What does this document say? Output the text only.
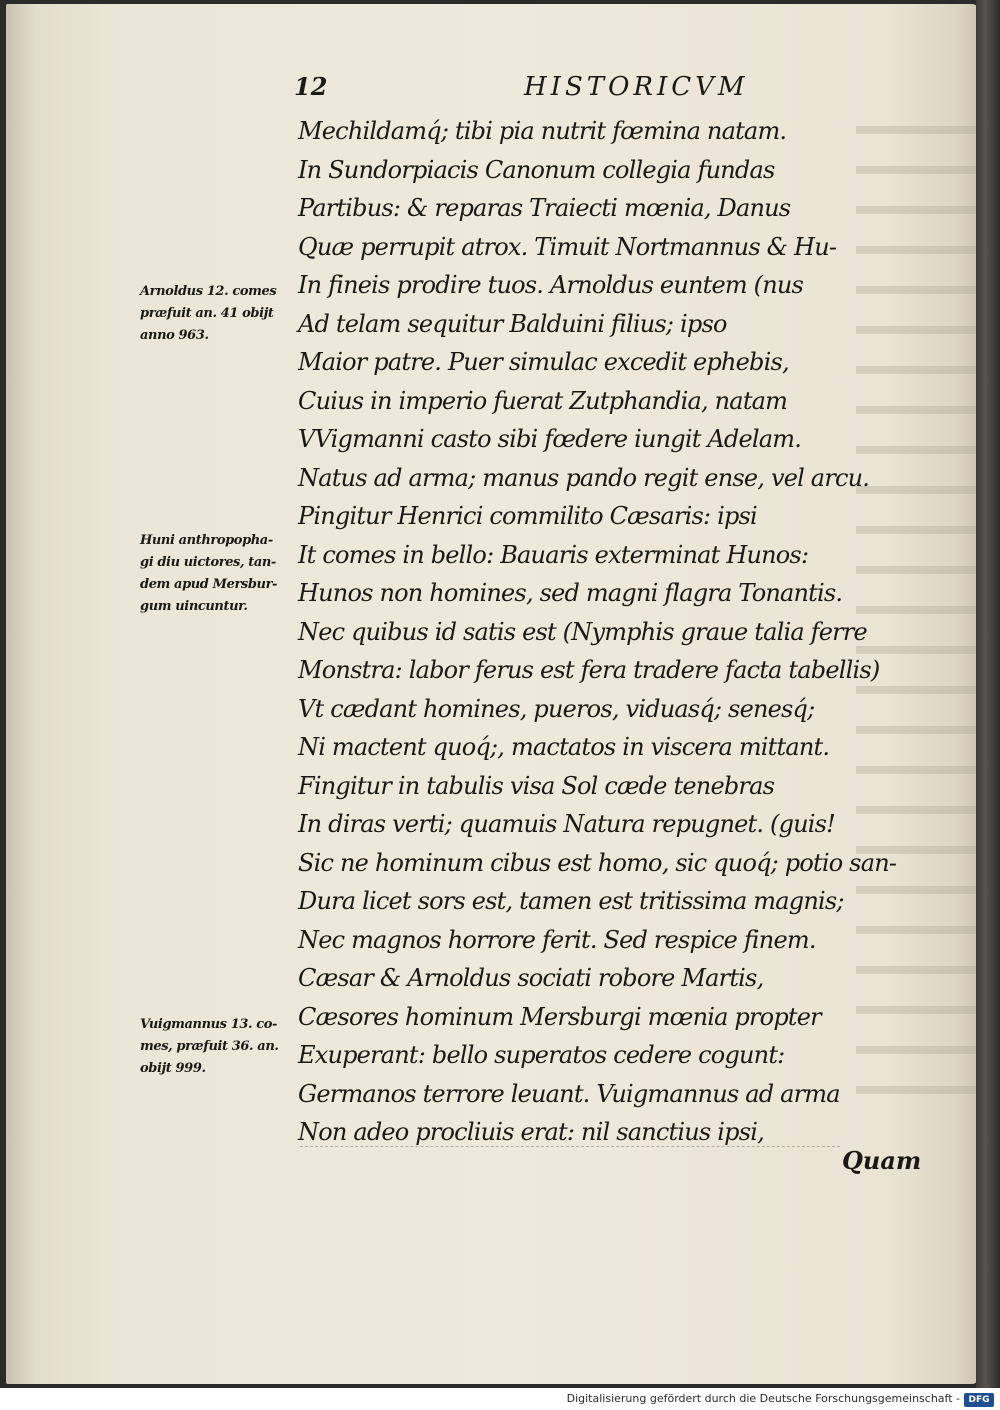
12	HISTORICVM
Mechildamq́; tibi pia nutrit fœmina natam.
In Sundorpiacis Canonum collegia fundas
Partibus: & reparas Traiecti mœnia, Danus
Quæ perrupit atrox. Timuit Nortmannus & Hu-
In fineis prodire tuos. Arnoldus euntem (nus
Ad telam sequitur Balduini filius; ipso
Maior patre. Puer simulac excedit ephebis,
Cuius in imperio fuerat Zutphandia, natam
VVigmanni casto sibi fœdere iungit Adelam.
Natus ad arma; manus pando regit ense, vel arcu.
Pingitur Henrici commilito Cæsaris: ipsi
It comes in bello: Bauaris exterminat Hunos:
Hunos non homines, sed magni flagra Tonantis.
Nec quibus id satis est (Nymphis graue talia ferre
Monstra: labor ferus est fera tradere facta tabellis)
Vt cædant homines, pueros, viduasq́; senesq́;
Ni mactent quoq́;, mactatos in viscera mittant.
Fingitur in tabulis visa Sol cæde tenebras
In diras verti; quamuis Natura repugnet. (guis!
Sic ne hominum cibus est homo, sic quoq́; potio san-
Dura licet sors est, tamen est tritissima magnis;
Nec magnos horrore ferit. Sed respice finem.
Cæsar & Arnoldus sociati robore Martis,
Cæsores hominum Mersburgi mœnia propter
Exuperant: bello superatos cedere cogunt:
Germanos terrore leuant. Vuigmannus ad arma
Non adeo procliuis erat: nil sanctius ipsi,
Arnoldus 12. comes
præfuit an. 41 obijt
anno 963.
Huni anthropopha-
gi diu uictores, tan-
dem apud Mersbur-
gum uincuntur.
Vuigmannus 13. co-
mes, præfuit 36. an.
obijt 999.
Quam
Digitalisierung gefördert durch die Deutsche Forschungsgemeinschaft - DFG
